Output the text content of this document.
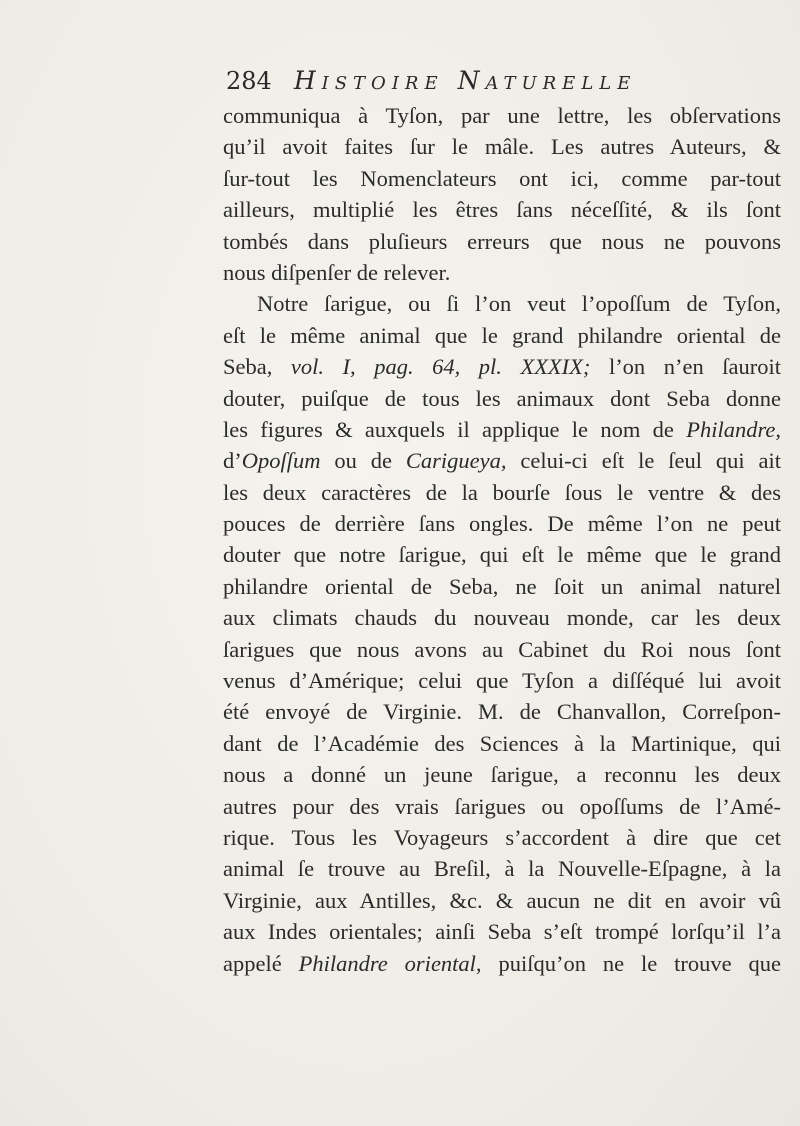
284 Histoire Naturelle
communiqua à Tyſon, par une lettre, les obſervations
qu’il avoit faites ſur le mâle. Les autres Auteurs, &
ſur-tout les Nomenclateurs ont ici, comme par-tout
ailleurs, multiplié les êtres ſans néceſſité, & ils ſont
tombés dans pluſieurs erreurs que nous ne pouvons
nous diſpenſer de relever.
Notre ſarigue, ou ſi l’on veut l’opoſſum de Tyſon,
eſt le même animal que le grand philandre oriental de
Seba, vol. I, pag. 64, pl. XXXIX; l’on n’en ſauroit
douter, puiſque de tous les animaux dont Seba donne
les figures & auxquels il applique le nom de Philandre,
d’Opoſſum ou de Carigueya, celui-ci eſt le ſeul qui ait
les deux caractères de la bourſe ſous le ventre & des
pouces de derrière ſans ongles. De même l’on ne peut
douter que notre ſarigue, qui eſt le même que le grand
philandre oriental de Seba, ne ſoit un animal naturel
aux climats chauds du nouveau monde, car les deux
ſarigues que nous avons au Cabinet du Roi nous ſont
venus d’Amérique; celui que Tyſon a diſſéqué lui avoit
été envoyé de Virginie. M. de Chanvallon, Correſpon-
dant de l’Académie des Sciences à la Martinique, qui
nous a donné un jeune ſarigue, a reconnu les deux
autres pour des vrais ſarigues ou opoſſums de l’Amé-
rique. Tous les Voyageurs s’accordent à dire que cet
animal ſe trouve au Breſil, à la Nouvelle-Eſpagne, à la
Virginie, aux Antilles, &c. & aucun ne dit en avoir vû
aux Indes orientales; ainſi Seba s’eſt trompé lorſqu’il l’a
appelé Philandre oriental, puiſqu’on ne le trouve que
